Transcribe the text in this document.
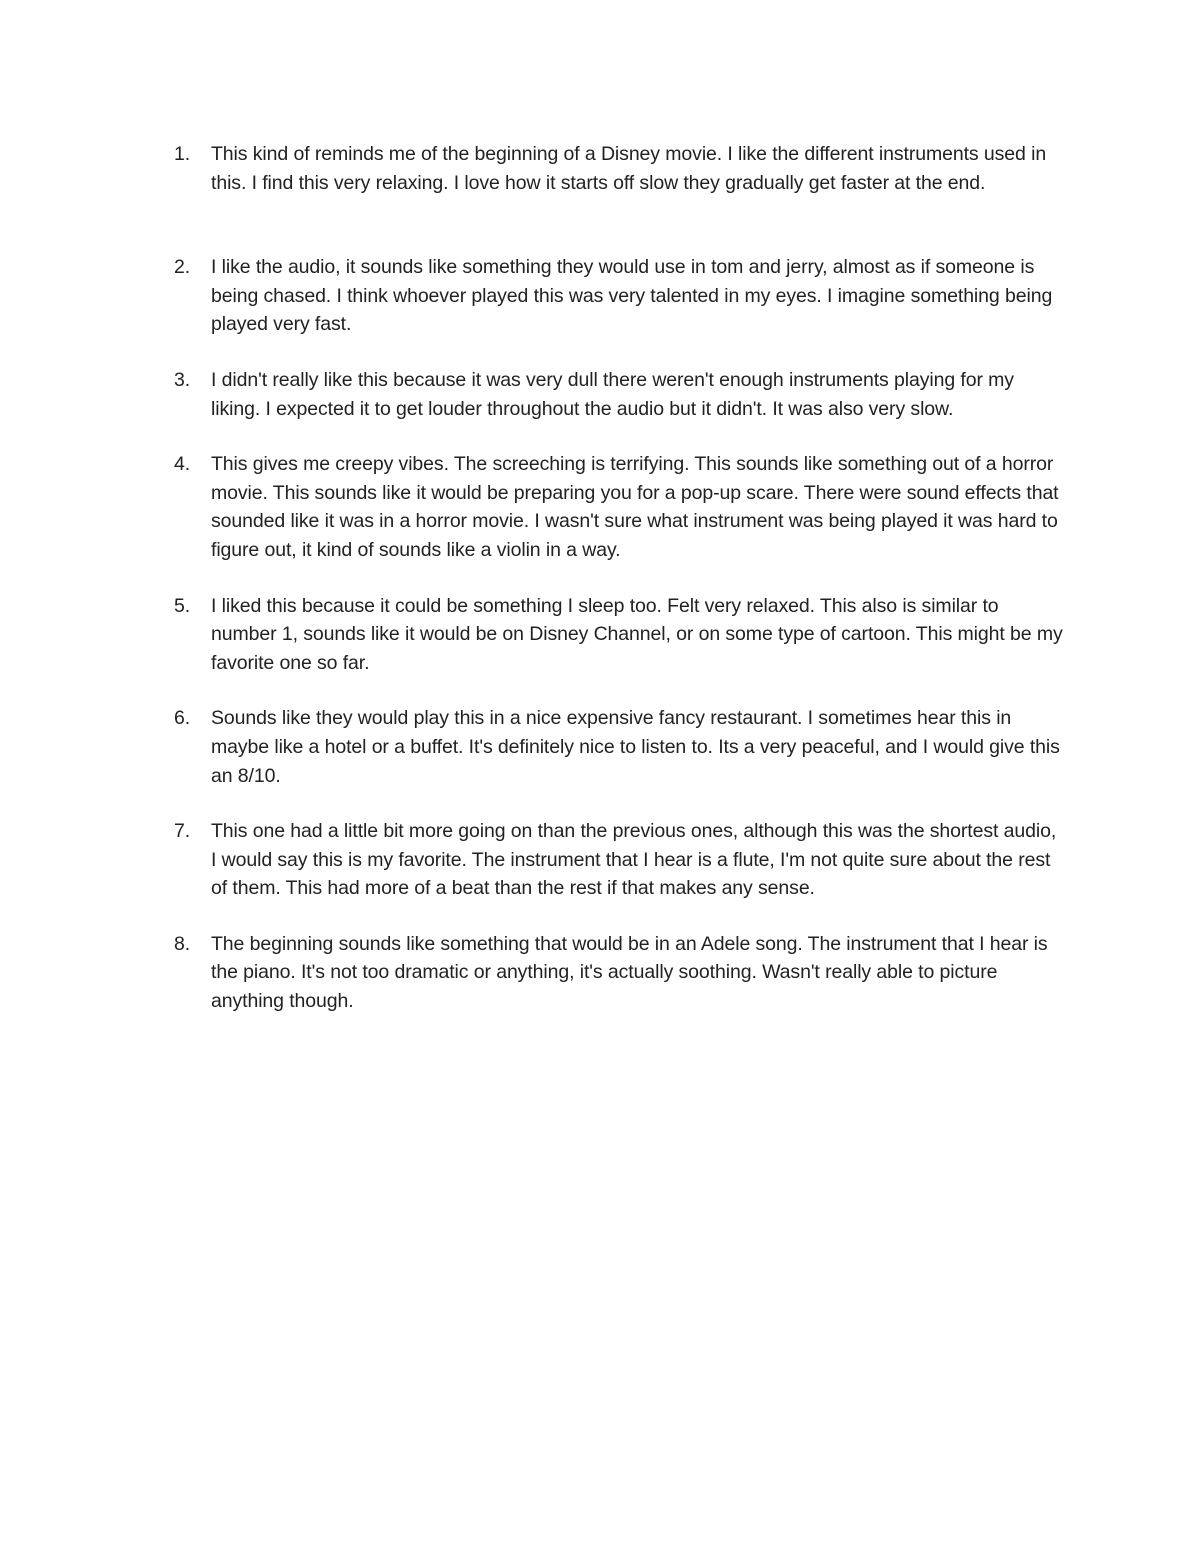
1. This kind of reminds me of the beginning of a Disney movie. I like the different instruments used in this. I find this very relaxing. I love how it starts off slow they gradually get faster at the end.
2. I like the audio, it sounds like something they would use in tom and jerry, almost as if someone is being chased. I think whoever played this was very talented in my eyes. I imagine something being played very fast.
3. I didn't really like this because it was very dull there weren't enough instruments playing for my liking. I expected it to get louder throughout the audio but it didn't. It was also very slow.
4. This gives me creepy vibes. The screeching is terrifying. This sounds like something out of a horror movie. This sounds like it would be preparing you for a pop-up scare. There were sound effects that sounded like it was in a horror movie. I wasn't sure what instrument was being played it was hard to figure out, it kind of sounds like a violin in a way.
5. I liked this because it could be something I sleep too. Felt very relaxed. This also is similar to number 1, sounds like it would be on Disney Channel, or on some type of cartoon. This might be my favorite one so far.
6. Sounds like they would play this in a nice expensive fancy restaurant. I sometimes hear this in maybe like a hotel or a buffet. It's definitely nice to listen to. Its a very peaceful, and I would give this an 8/10.
7. This one had a little bit more going on than the previous ones, although this was the shortest audio, I would say this is my favorite. The instrument that I hear is a flute, I'm not quite sure about the rest of them. This had more of a beat than the rest if that makes any sense.
8. The beginning sounds like something that would be in an Adele song. The instrument that I hear is the piano. It's not too dramatic or anything, it's actually soothing. Wasn't really able to picture anything though.
